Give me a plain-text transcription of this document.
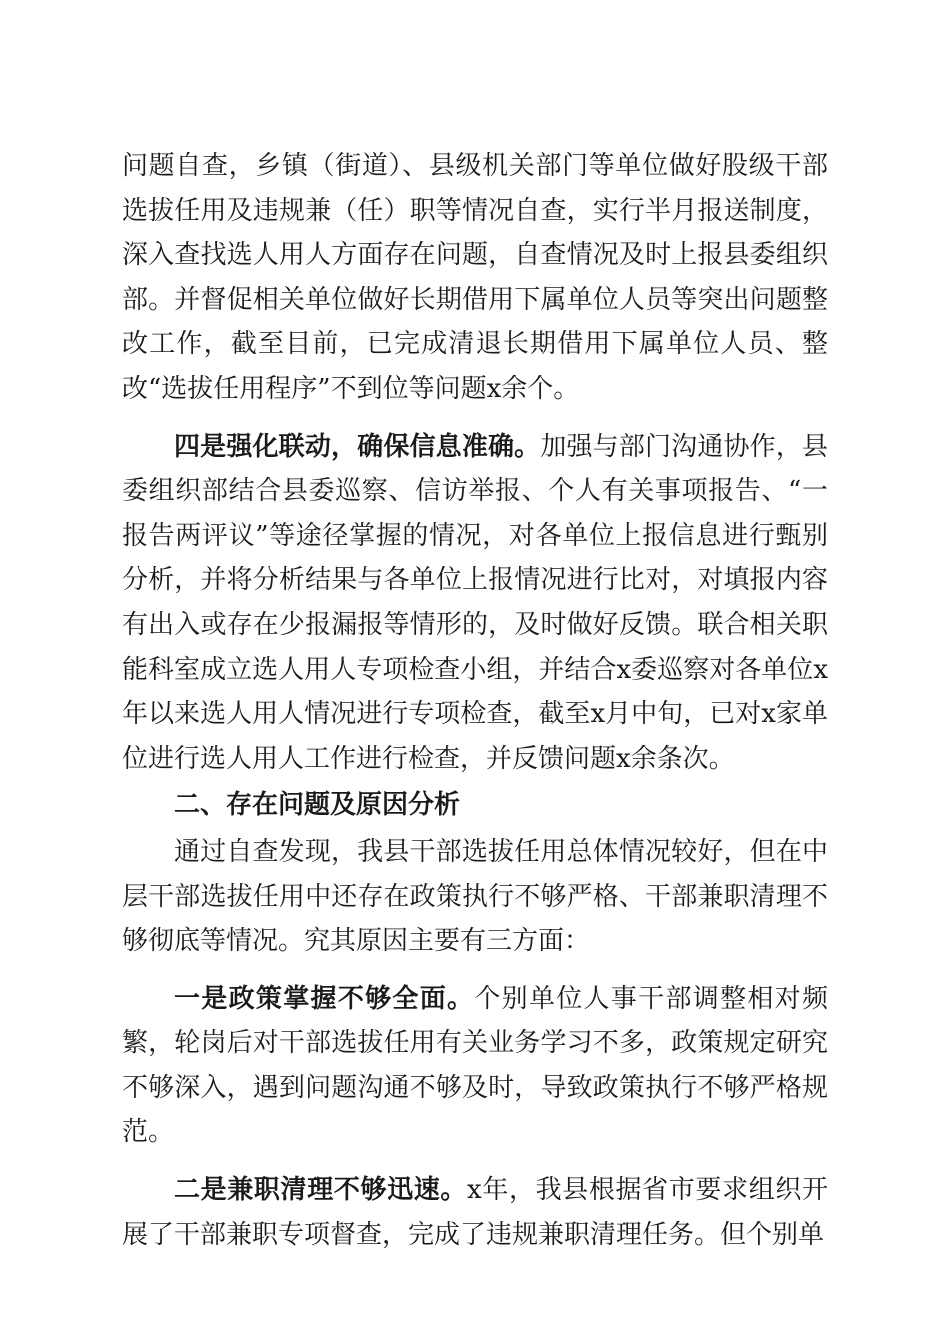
问题自查，乡镇（街道）、县级机关部门等单位做好股级干部选拔任用及违规兼（任）职等情况自查，实行半月报送制度，深入查找选人用人方面存在问题，自查情况及时上报县委组织部。并督促相关单位做好长期借用下属单位人员等突出问题整改工作，截至目前，已完成清退长期借用下属单位人员、整改“选拔任用程序”不到位等问题x余个。

四是强化联动，确保信息准确。加强与部门沟通协作，县委组织部结合县委巡察、信访举报、个人有关事项报告、“一报告两评议”等途径掌握的情况，对各单位上报信息进行甄别分析，并将分析结果与各单位上报情况进行比对，对填报内容有出入或存在少报漏报等情形的，及时做好反馈。联合相关职能科室成立选人用人专项检查小组，并结合x委巡察对各单位x年以来选人用人情况进行专项检查，截至x月中旬，已对x家单位进行选人用人工作进行检查，并反馈问题x余条次。

二、存在问题及原因分析

通过自查发现，我县干部选拔任用总体情况较好，但在中层干部选拔任用中还存在政策执行不够严格、干部兼职清理不够彻底等情况。究其原因主要有三方面：

一是政策掌握不够全面。个别单位人事干部调整相对频繁，轮岗后对干部选拔任用有关业务学习不多，政策规定研究不够深入，遇到问题沟通不够及时，导致政策执行不够严格规范。

二是兼职清理不够迅速。x年，我县根据省市要求组织开展了干部兼职专项督查，完成了违规兼职清理任务。但个别单
